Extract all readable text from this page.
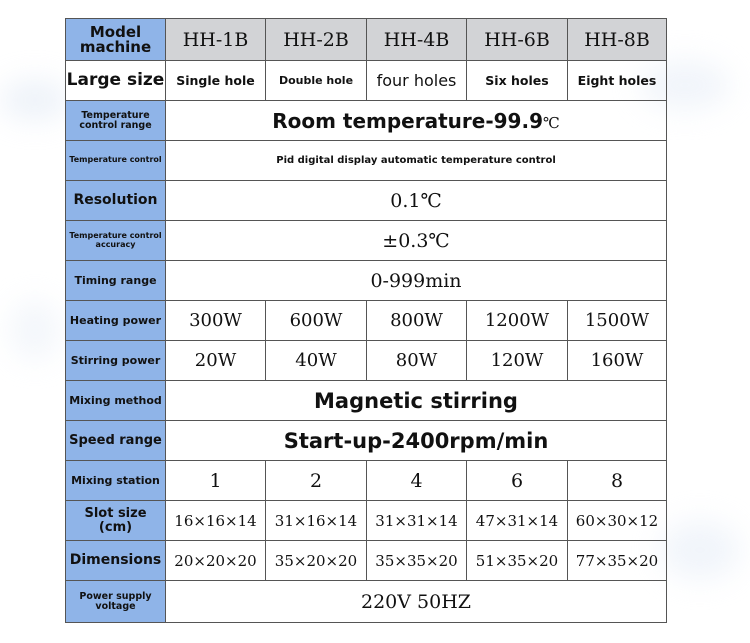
Model machine	HH-1B	HH-2B	HH-4B	HH-6B	HH-8B
Large size	Single hole	Double hole	four holes	Six holes	Eight holes
Temperature control range	Room temperature-99.9℃				
Temperature control	Pid digital display automatic temperature control				
Resolution	0.1℃				
Temperature control accuracy	±0.3℃				
Timing range	0-999min				
Heating power	300W	600W	800W	1200W	1500W
Stirring power	20W	40W	80W	120W	160W
Mixing method	Magnetic stirring				
Speed range	Start-up-2400rpm/min				
Mixing station	1	2	4	6	8
Slot size (cm)	16×16×14	31×16×14	31×31×14	47×31×14	60×30×12
Dimensions	20×20×20	35×20×20	35×35×20	51×35×20	77×35×20
Power supply voltage	220V 50HZ				
